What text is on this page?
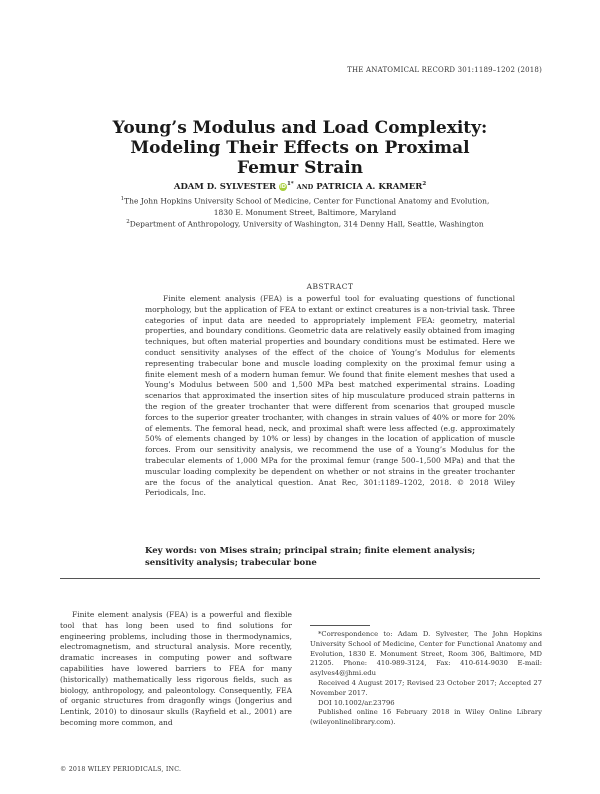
THE ANATOMICAL RECORD 301:1189–1202 (2018)
Young’s Modulus and Load Complexity:
Modeling Their Effects on Proximal
Femur Strain
ADAM D. SYLVESTER $iD^{1*}$ AND PATRICIA A. KRAMER$^2$
$^1$The John Hopkins University School of Medicine, Center for Functional Anatomy and Evolution, 1830 E. Monument Street, Baltimore, Maryland
$^2$Department of Anthropology, University of Washington, 314 Denny Hall, Seattle, Washington
ABSTRACT

Finite element analysis (FEA) is a powerful tool for evaluating questions of functional morphology, but the application of FEA to extant or extinct creatures is a non-trivial task. Three categories of input data are needed to appropriately implement FEA: geometry, material properties, and boundary conditions. Geometric data are relatively easily obtained from imaging techniques, but often material properties and boundary conditions must be estimated. Here we conduct sensitivity analyses of the effect of the choice of Young’s Modulus for elements representing trabecular bone and muscle loading complexity on the proximal femur using a finite element mesh of a modern human femur. We found that finite element meshes that used a Young’s Modulus between 500 and 1,500 MPa best matched experimental strains. Loading scenarios that approximated the insertion sites of hip musculature produced strain patterns in the region of the greater trochanter that were different from scenarios that grouped muscle forces to the superior greater trochanter, with changes in strain values of 40% or more for 20% of elements. The femoral head, neck, and proximal shaft were less affected (e.g. approximately 50% of elements changed by 10% or less) by changes in the location of application of muscle forces. From our sensitivity analysis, we recommend the use of a Young’s Modulus for the trabecular elements of 1,000 MPa for the proximal femur (range 500–1,500 MPa) and that the muscular loading complexity be dependent on whether or not strains in the greater trochanter are the focus of the analytical question. Anat Rec, 301:1189–1202, 2018. © 2018 Wiley Periodicals, Inc.

Key words: von Mises strain; principal strain; finite element analysis; sensitivity analysis; trabecular bone

Finite element analysis (FEA) is a powerful and flexible tool that has long been used to find solutions for engineering problems, including those in thermodynamics, electromagnetism, and structural analysis. More recently, dramatic increases in computing power and software capabilities have lowered barriers to FEA for many (historically) mathematically less rigorous fields, such as biology, anthropology, and paleontology. Consequently, FEA of organic structures from dragonfly wings (Jongerius and Lentink, 2010) to dinosaur skulls (Rayfield et al., 2001) are becoming more common, and

*Correspondence to: Adam D. Sylvester, The John Hopkins University School of Medicine, Center for Functional Anatomy and Evolution, 1830 E. Monument Street, Room 306, Baltimore, MD 21205. Phone: 410-989-3124, Fax: 410-614-9030 E-mail: asylves4@jhmi.edu

Received 4 August 2017; Revised 23 October 2017; Accepted 27 November 2017.

DOI 10.1002/ar.23796

Published online 16 February 2018 in Wiley Online Library (wileyonlinelibrary.com).

© 2018 WILEY PERIODICALS, INC.
